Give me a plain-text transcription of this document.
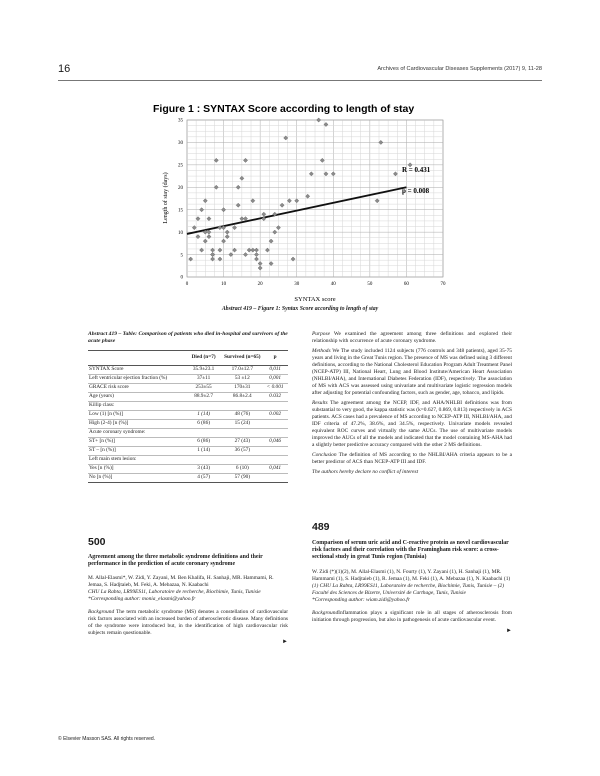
16	Archives of Cardiovascular Diseases Supplements (2017) 9, 11-28
Figure 1 : SYNTAX Score according to length of stay
0	10	20	30	40	50	60	70
0
5
10
15
20
25
30
35
R = 0.431
p = 0.008
SYNTAX score
Length of stay (days)
Abstract 419 – Figure 1: Syntax Score according to length of stay
Abstract 419 – Table: Comparison of patients who died in-hospital and survivors of the acute phase
	Died (n=7)	Survived (n=65)	p
SYNTAX Score	35.9±23.1	17.0±12.7	0,011
Left ventricular ejection fraction (%)	37±11	53 ±12	0,001
GRACE risk score	253±55	170±31	< 0.001
Age (years)	88.9±2.7	86.8±2.4	0.032
Killip class:			
Low (1) [n (%)]	1 (14)	48 (76)	0.002
High (2-4) [n (%)]	6 (86)	15 (24)	
Acute coronary syndrome:			
ST+ [n (%)]	6 (86)	27 (43)	0,046
ST – [n (%)]	1 (14)	36 (57)	
Left main stem lesion:			
Yes [n (%)]	3 (43)	6 (10)	0,041
No [n (%)]	4 (57)	57 (90)	
500
Agreement among the three metabolic syndrome definitions and their performance in the prediction of acute coronary syndrome
M. Allal-Elasmi*, W. Zidi, Y. Zayani, M. Ben Khalifa, H. Sanhaji, MR. Hammami, R. Jemaa, S. Hadjtaieb, M. Feki, A. Mebazaa, N. Kaabachi
CHU La Rabta, LR99ES11, Laboratoire de recherche, Biochimie, Tunis, Tunisie
*Corresponding author: monia_elasmi@yahoo.fr
Background The term metabolic syndrome (MS) denotes a constellation of cardiovascular risk factors associated with an increased burden of atherosclerotic disease. Many definitions of the syndrome were introduced but, in the identification of high cardiovascular risk subjects remain questionable.
►

Purpose We examined the agreement among three definitions and explored their relationship with occurrence of acute coronary syndrome.

Methods We The study included 1124 subjects (776 controls and 348 patients), aged 35-75 years and living in the Great Tunis region. The presence of MS was defined using 3 different definitions, according to the National Cholesterol Education Program Adult Treatment Panel (NCEP-ATP) III, National Heart, Lung and Blood Institute/American Heart Association (NHLBI/AHA), and International Diabetes Federation (IDF), respectively. The association of MS with ACS was assessed using univariate and multivariate logistic regression models after adjusting for potential confounding factors, such as gender, age, tobacco, and lipids.

Results The agreement among the NCEP, IDF, and AHA/NHLBI definitions was from substantial to very good, the kappa statistic was (k=0.627, 0.869, 0.813) respectively in ACS patients. ACS cases had a prevalence of MS according to NCEP-ATP III, NHLBI/AHA, and IDF criteria of 47.2%, 38.6%, and 34.5%, respectively. Univariate models revealed equivalent ROC curves and virtually the same AUCs. The use of multivariate models improved the AUCs of all the models and indicated that the model containing MS-AHA had a slightly better predictive accuracy compared with the other 2 MS definitions.

Conclusion The definition of MS according to the NHLBI/AHA criteria appears to be a better predictor of ACS than NCEP-ATP III and IDF.

The authors hereby declare no conflict of interest

489
Comparison of serum uric acid and C-reactive protein as novel cardiovascular risk factors and their correlation with the Framingham risk score: a cross-sectional study in great Tunis region (Tunisia)
W. Zidi (*)(1)(2), M. Allal-Elasmi (1), N. Fourty (1), Y. Zayani (1), H. Sanhaji (1), MR. Hammami (1), S. Hadjtaieb (1), R. Jemaa (1), M. Feki (1), A. Mebazaa (1), N. Kaabachi (1)
(1) CHU La Rabta, LR99ES11, Laboratoire de recherche, Biochimie, Tunis, Tunisie – (2) Faculté des Sciences de Bizerte, Université de Carthage, Tunis, Tunisie
*Corresponding author: wiam.zidi@yahoo.fr
BackgroundInflammation plays a significant role in all stages of atherosclerosis from initiation through progression, but also in pathogenesis of acute cardiovascular event.
►
© Elsevier Masson SAS. All rights reserved.
